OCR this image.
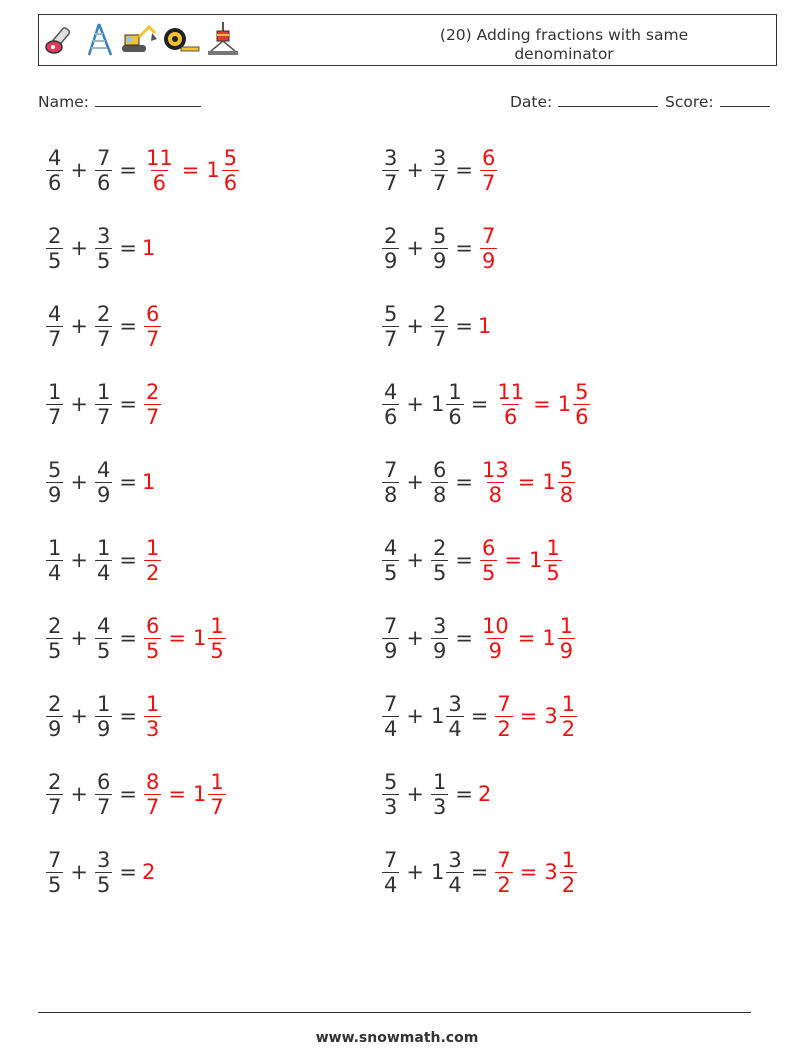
(20) Adding fractions with same denominator
Name:	Date:	Score:
$\frac{4}{6} + \frac{7}{6} = \frac{11}{6} = 1 \frac{5}{6}$	$\frac{3}{7} + \frac{3}{7} = \frac{6}{7}$
$\frac{2}{5} + \frac{3}{5} = 1$	$\frac{2}{9} + \frac{5}{9} = \frac{7}{9}$
$\frac{4}{7} + \frac{2}{7} = \frac{6}{7}$	$\frac{5}{7} + \frac{2}{7} = 1$
$\frac{1}{7} + \frac{1}{7} = \frac{2}{7}$	$\frac{4}{6} + 1 \frac{1}{6} = \frac{11}{6} = 1 \frac{5}{6}$
$\frac{5}{9} + \frac{4}{9} = 1$	$\frac{7}{8} + \frac{6}{8} = \frac{13}{8} = 1 \frac{5}{8}$
$\frac{1}{4} + \frac{1}{4} = \frac{1}{2}$	$\frac{4}{5} + \frac{2}{5} = \frac{6}{5} = 1 \frac{1}{5}$
$\frac{2}{5} + \frac{4}{5} = \frac{6}{5} = 1 \frac{1}{5}$	$\frac{7}{9} + \frac{3}{9} = \frac{10}{9} = 1 \frac{1}{9}$
$\frac{2}{9} + \frac{1}{9} = \frac{1}{3}$	$\frac{7}{4} + 1 \frac{3}{4} = \frac{7}{2} = 3 \frac{1}{2}$
$\frac{2}{7} + \frac{6}{7} = \frac{8}{7} = 1 \frac{1}{7}$	$\frac{5}{3} + \frac{1}{3} = 2$
$\frac{7}{5} + \frac{3}{5} = 2$	$\frac{7}{4} + 1 \frac{3}{4} = \frac{7}{2} = 3 \frac{1}{2}$
www.snowmath.com
